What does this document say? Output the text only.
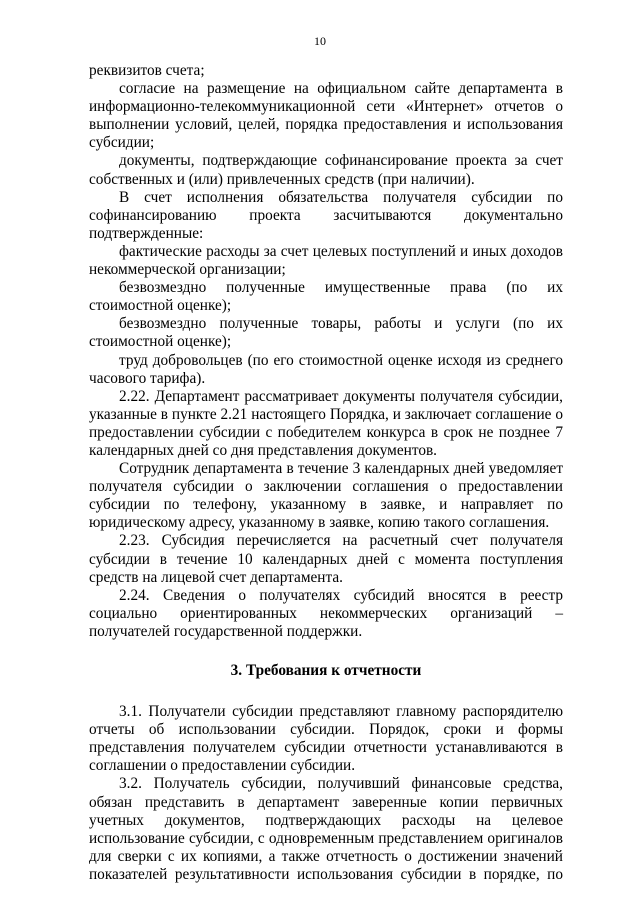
10

реквизитов счета;

согласие на размещение на официальном сайте департамента в информационно-телекоммуникационной сети «Интернет» отчетов о выполнении условий, целей, порядка предоставления и использования субсидии;

документы, подтверждающие софинансирование проекта за счет собственных и (или) привлеченных средств (при наличии).

В счет исполнения обязательства получателя субсидии по софинансированию проекта засчитываются документально подтвержденные:

фактические расходы за счет целевых поступлений и иных доходов некоммерческой организации;

безвозмездно полученные имущественные права (по их стоимостной оценке);

безвозмездно полученные товары, работы и услуги (по их стоимостной оценке);

труд добровольцев (по его стоимостной оценке исходя из среднего часового тарифа).

2.22. Департамент рассматривает документы получателя субсидии, указанные в пункте 2.21 настоящего Порядка, и заключает соглашение о предоставлении субсидии с победителем конкурса в срок не позднее 7 календарных дней со дня представления документов.

Сотрудник департамента в течение 3 календарных дней уведомляет получателя субсидии о заключении соглашения о предоставлении субсидии по телефону, указанному в заявке, и направляет по юридическому адресу, указанному в заявке, копию такого соглашения.

2.23. Субсидия перечисляется на расчетный счет получателя субсидии в течение 10 календарных дней с момента поступления средств на лицевой счет департамента.

2.24. Сведения о получателях субсидий вносятся в реестр социально ориентированных некоммерческих организаций – получателей государственной поддержки.

3. Требования к отчетности

3.1. Получатели субсидии представляют главному распорядителю отчеты об использовании субсидии. Порядок, сроки и формы представления получателем субсидии отчетности устанавливаются в соглашении о предоставлении субсидии.

3.2. Получатель субсидии, получивший финансовые средства, обязан представить в департамент заверенные копии первичных учетных документов, подтверждающих расходы на целевое использование субсидии, с одновременным представлением оригиналов для сверки с их копиями, а также отчетность о достижении значений показателей результативности использования субсидии в порядке, по
